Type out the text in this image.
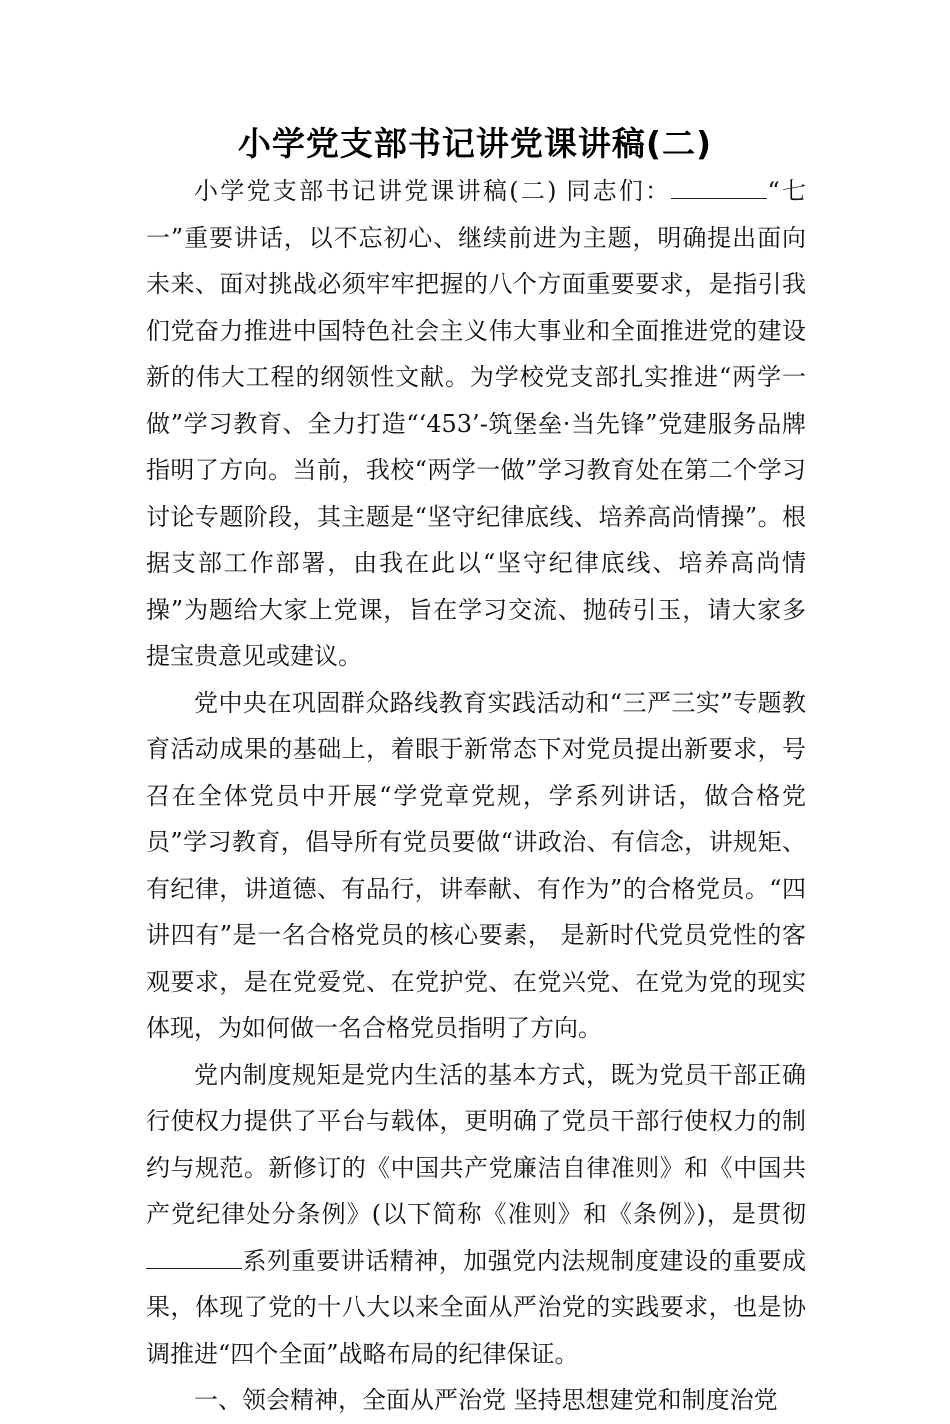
小学党支部书记讲党课讲稿(二)

小学党支部书记讲党课讲稿(二) 同志们：	“七一”重要讲话，以不忘初心、继续前进为主题，明确提出面向未来、面对挑战必须牢牢把握的八个方面重要要求，是指引我们党奋力推进中国特色社会主义伟大事业和全面推进党的建设新的伟大工程的纲领性文献。为学校党支部扎实推进“两学一做”学习教育、全力打造“‘453’-筑堡垒·当先锋”党建服务品牌指明了方向。当前，我校“两学一做”学习教育处在第二个学习讨论专题阶段，其主题是“坚守纪律底线、培养高尚情操”。根据支部工作部署，由我在此以“坚守纪律底线、培养高尚情操”为题给大家上党课，旨在学习交流、抛砖引玉，请大家多提宝贵意见或建议。

党中央在巩固群众路线教育实践活动和“三严三实”专题教育活动成果的基础上，着眼于新常态下对党员提出新要求，号召在全体党员中开展“学党章党规，学系列讲话，做合格党员”学习教育，倡导所有党员要做“讲政治、有信念，讲规矩、有纪律，讲道德、有品行，讲奉献、有作为”的合格党员。“四讲四有”是一名合格党员的核心要素， 是新时代党员党性的客观要求，是在党爱党、在党护党、在党兴党、在党为党的现实体现，为如何做一名合格党员指明了方向。

党内制度规矩是党内生活的基本方式，既为党员干部正确行使权力提供了平台与载体，更明确了党员干部行使权力的制约与规范。新修订的《中国共产党廉洁自律准则》和《中国共产党纪律处分条例》(以下简称《准则》和《条例》)，是贯彻系列重要讲话精神，加强党内法规制度建设的重要成果，体现了党的十八大以来全面从严治党的实践要求，也是协调推进“四个全面”战略布局的纪律保证。

一、领会精神，全面从严治党 坚持思想建党和制度治党
